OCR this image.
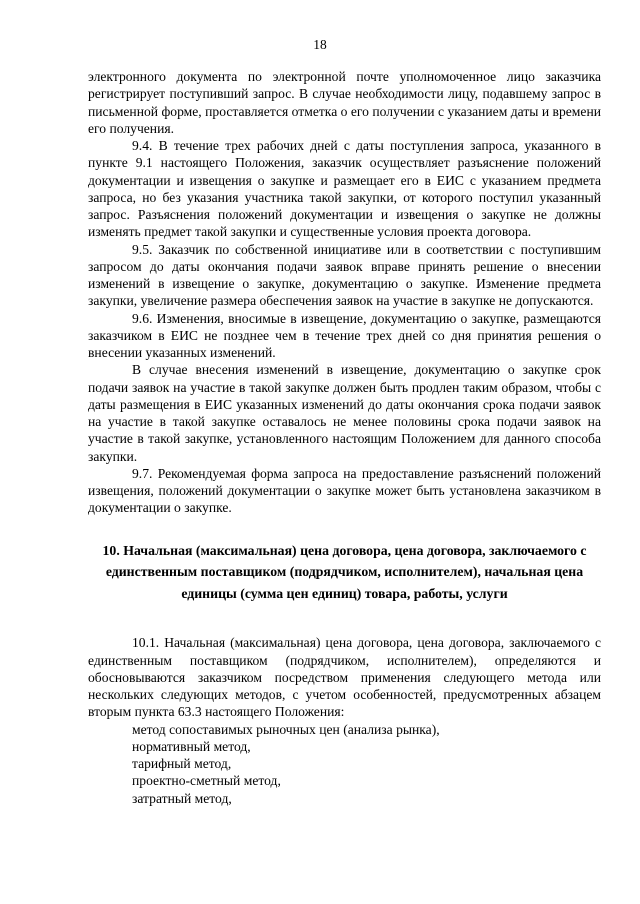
18

электронного документа по электронной почте уполномоченное лицо заказчика регистрирует поступивший запрос. В случае необходимости лицу, подавшему запрос в письменной форме, проставляется отметка о его получении с указанием даты и времени его получения.

9.4. В течение трех рабочих дней с даты поступления запроса, указанного в пункте 9.1 настоящего Положения, заказчик осуществляет разъяснение положений документации и извещения о закупке и размещает его в ЕИС с указанием предмета запроса, но без указания участника такой закупки, от которого поступил указанный запрос. Разъяснения положений документации и извещения о закупке не должны изменять предмет такой закупки и существенные условия проекта договора.

9.5. Заказчик по собственной инициативе или в соответствии с поступившим запросом до даты окончания подачи заявок вправе принять решение о внесении изменений в извещение о закупке, документацию о закупке. Изменение предмета закупки, увеличение размера обеспечения заявок на участие в закупке не допускаются.

9.6. Изменения, вносимые в извещение, документацию о закупке, размещаются заказчиком в ЕИС не позднее чем в течение трех дней со дня принятия решения о внесении указанных изменений.

В случае внесения изменений в извещение, документацию о закупке срок подачи заявок на участие в такой закупке должен быть продлен таким образом, чтобы с даты размещения в ЕИС указанных изменений до даты окончания срока подачи заявок на участие в такой закупке оставалось не менее половины срока подачи заявок на участие в такой закупке, установленного настоящим Положением для данного способа закупки.

9.7. Рекомендуемая форма запроса на предоставление разъяснений положений извещения, положений документации о закупке может быть установлена заказчиком в документации о закупке.

10. Начальная (максимальная) цена договора, цена договора, заключаемого с единственным поставщиком (подрядчиком, исполнителем), начальная цена единицы (сумма цен единиц) товара, работы, услуги

10.1. Начальная (максимальная) цена договора, цена договора, заключаемого с единственным поставщиком (подрядчиком, исполнителем), определяются и обосновываются заказчиком посредством применения следующего метода или нескольких следующих методов, с учетом особенностей, предусмотренных абзацем вторым пункта 63.3 настоящего Положения:

метод сопоставимых рыночных цен (анализа рынка),

нормативный метод,

тарифный метод,

проектно-сметный метод,

затратный метод,
